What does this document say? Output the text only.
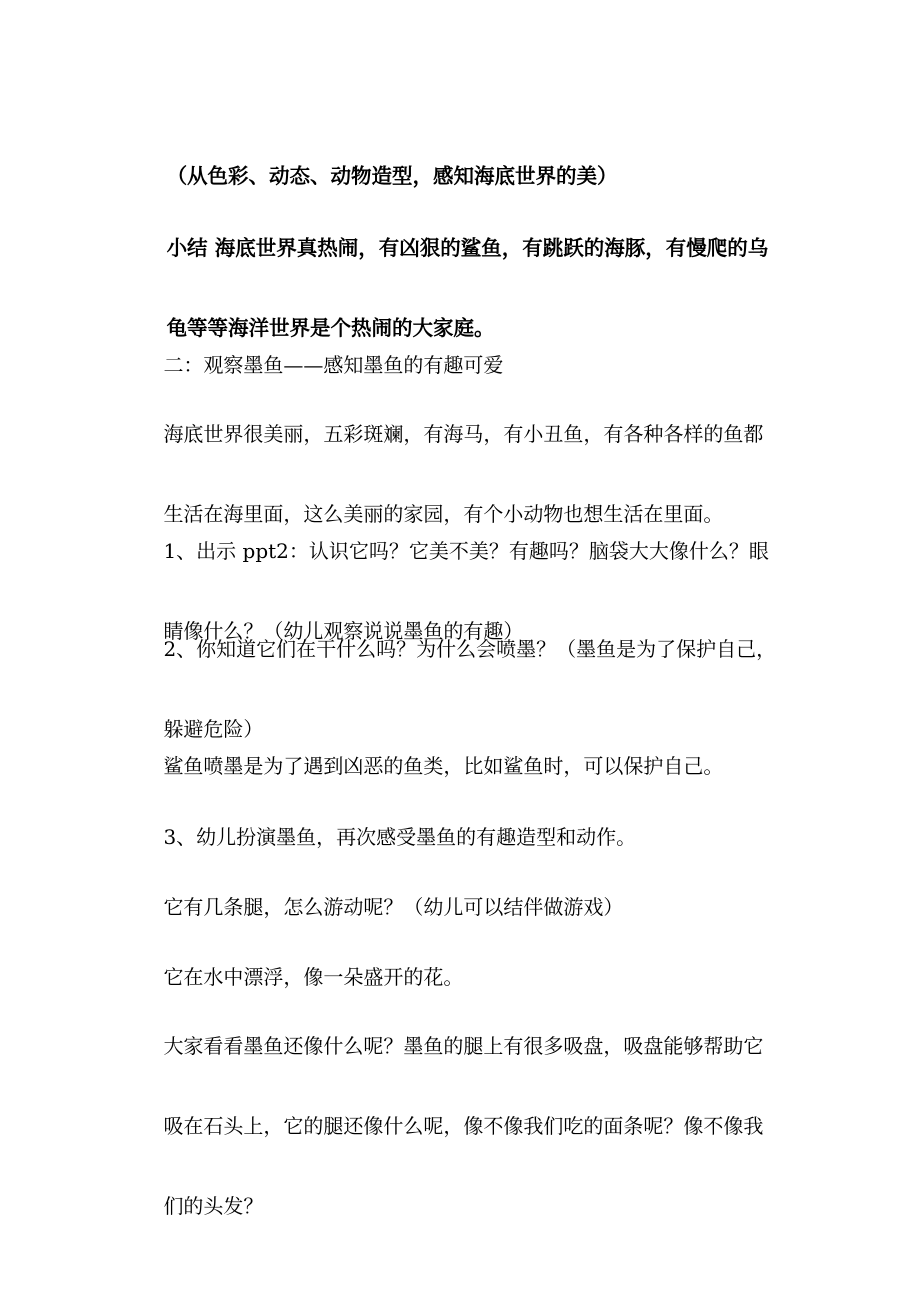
（从色彩、动态、动物造型，感知海底世界的美）

小结 海底世界真热闹，有凶狠的鲨鱼，有跳跃的海豚，有慢爬的乌

龟等等海洋世界是个热闹的大家庭。

二：观察墨鱼——感知墨鱼的有趣可爱

海底世界很美丽，五彩斑斓，有海马，有小丑鱼，有各种各样的鱼都

生活在海里面，这么美丽的家园，有个小动物也想生活在里面。

1、出示 ppt2：认识它吗？它美不美？有趣吗？脑袋大大像什么？眼

睛像什么？（幼儿观察说说墨鱼的有趣）

2、你知道它们在干什么吗？为什么会喷墨？（墨鱼是为了保护自己，

躲避危险）

鲨鱼喷墨是为了遇到凶恶的鱼类，比如鲨鱼时，可以保护自己。

3、幼儿扮演墨鱼，再次感受墨鱼的有趣造型和动作。

它有几条腿，怎么游动呢？（幼儿可以结伴做游戏）

它在水中漂浮，像一朵盛开的花。

大家看看墨鱼还像什么呢？墨鱼的腿上有很多吸盘，吸盘能够帮助它

吸在石头上，它的腿还像什么呢，像不像我们吃的面条呢？像不像我

们的头发？
